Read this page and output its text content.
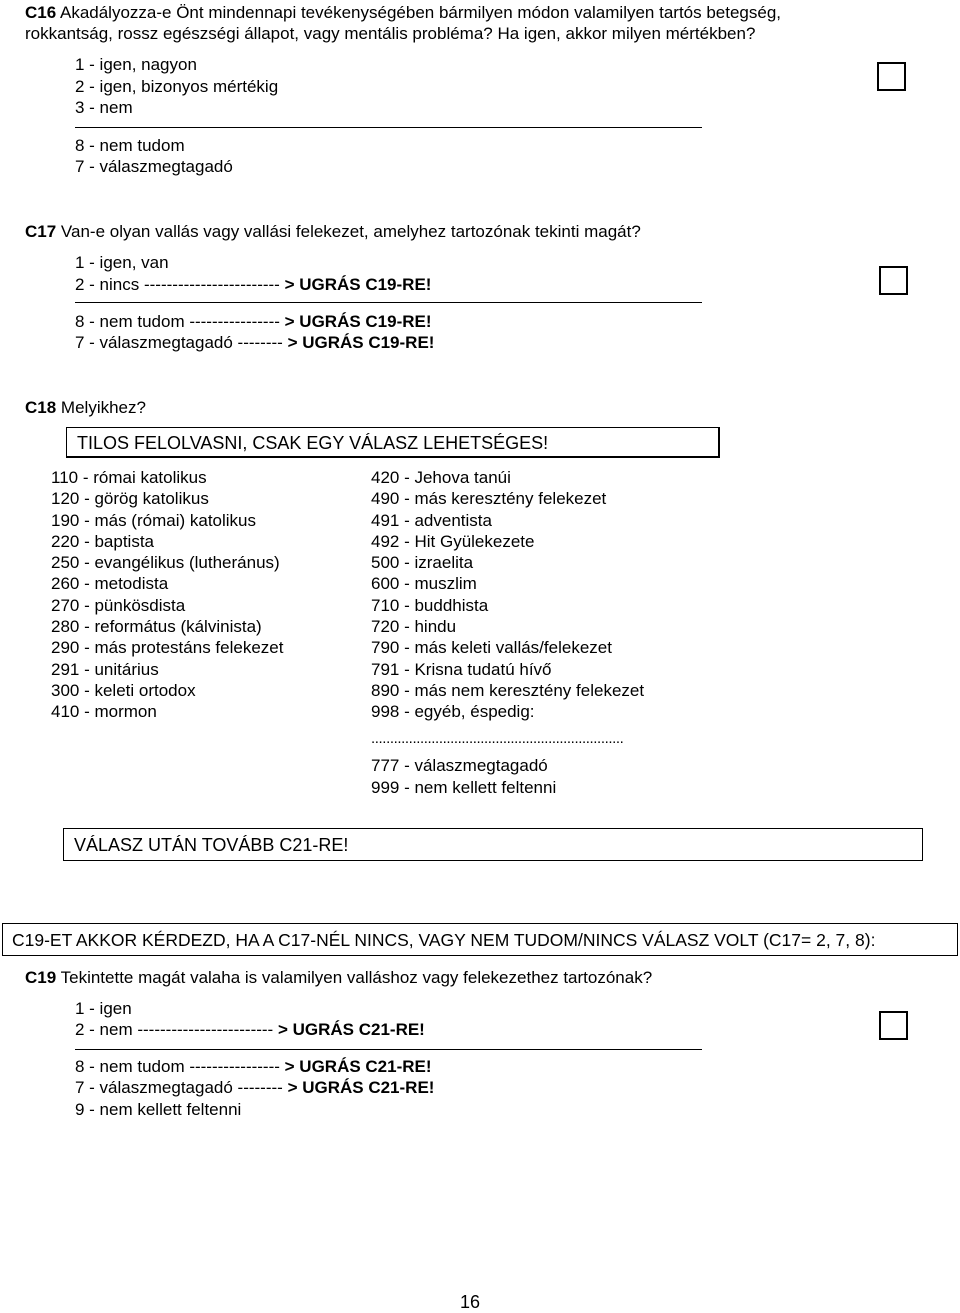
C16 Akadályozza-e Önt mindennapi tevékenységében bármilyen módon valamilyen tartós betegség,
rokkantság, rossz egészségi állapot, vagy mentális probléma? Ha igen, akkor milyen mértékben?
1 - igen, nagyon
2 - igen, bizonyos mértékig
3 - nem
8 - nem tudom
7 - válaszmegtagadó
C17 Van-e olyan vallás vagy vallási felekezet, amelyhez tartozónak tekinti magát?
1 - igen, van
2 - nincs ------------------------ > UGRÁS C19-RE!
8 - nem tudom ---------------- > UGRÁS C19-RE!
7 - válaszmegtagadó -------- > UGRÁS C19-RE!
C18 Melyikhez?
TILOS FELOLVASNI, CSAK EGY VÁLASZ LEHETSÉGES!
110 - római katolikus
120 - görög katolikus
190 - más (római) katolikus
220 - baptista
250 - evangélikus (lutheránus)
260 - metodista
270 - pünkösdista
280 - református (kálvinista)
290 - más protestáns felekezet
291 - unitárius
300 - keleti ortodox
410 - mormon
420 - Jehova tanúi
490 - más keresztény felekezet
491 - adventista
492 - Hit Gyülekezete
500 - izraelita
600 - muszlim
710 - buddhista
720 - hindu
790 - más keleti vallás/felekezet
791 - Krisna tudatú hívő
890 - más nem keresztény felekezet
998 - egyéb, éspedig:
...................................................................
777 - válaszmegtagadó
999 - nem kellett feltenni
VÁLASZ UTÁN TOVÁBB C21-RE!
C19-ET AKKOR KÉRDEZD, HA A C17-NÉL NINCS, VAGY NEM TUDOM/NINCS VÁLASZ VOLT (C17= 2, 7, 8):
C19 Tekintette magát valaha is valamilyen valláshoz vagy felekezethez tartozónak?
1 - igen
2 - nem ------------------------ > UGRÁS C21-RE!
8 - nem tudom ---------------- > UGRÁS C21-RE!
7 - válaszmegtagadó -------- > UGRÁS C21-RE!
9 - nem kellett feltenni
16
